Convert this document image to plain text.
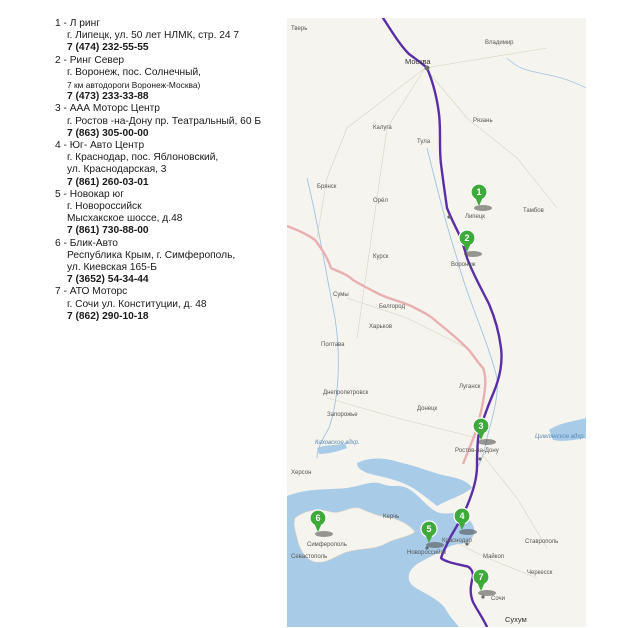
1 - Л ринг
г. Липецк, ул. 50 лет НЛМК, стр. 24 7
7 (474) 232-55-55
2 - Ринг Север
г. Воронеж, пос. Солнечный,
7 км автодороги Воронеж-Москва)
7 (473) 233-33-88
3 - ААА Моторс Центр
г. Ростов -на-Дону пр. Театральный, 60 Б
7 (863) 305-00-00
4 - Юг- Авто Центр
г. Краснодар, пос. Яблоновский,
ул. Краснодарская, 3
7 (861) 260-03-01
5 - Новокар юг
г. Новороссийск
Мысхакское шоссе, д.48
7 (861) 730-88-00
6 - Блик-Авто
Республика Крым, г. Симферополь,
ул. Киевская 165-Б
7 (3652) 54-34-44
7 - АТО Моторс
г. Сочи ул. Конституции, д. 48
7 (862) 290-10-18
Москва
Владимир
Тверь
Рязань
Калуга
Тула
Брянск
Орёл
Липецк
Тамбов
Воронеж
Курск
Сумы
Белгород
Харьков
Полтава
Днепропетровск
Запорожье
Донецк
Луганск
Ростов-на-Дону
Краснодар
Новороссийск
Симферополь
Севастополь	Майкоп
Ставрополь
Черкесск
Сочи
Сухум
Херсон
Цимлянское вдхр.
Каховское вдхр.
Керчь
1
2
3
4
5
6
7
